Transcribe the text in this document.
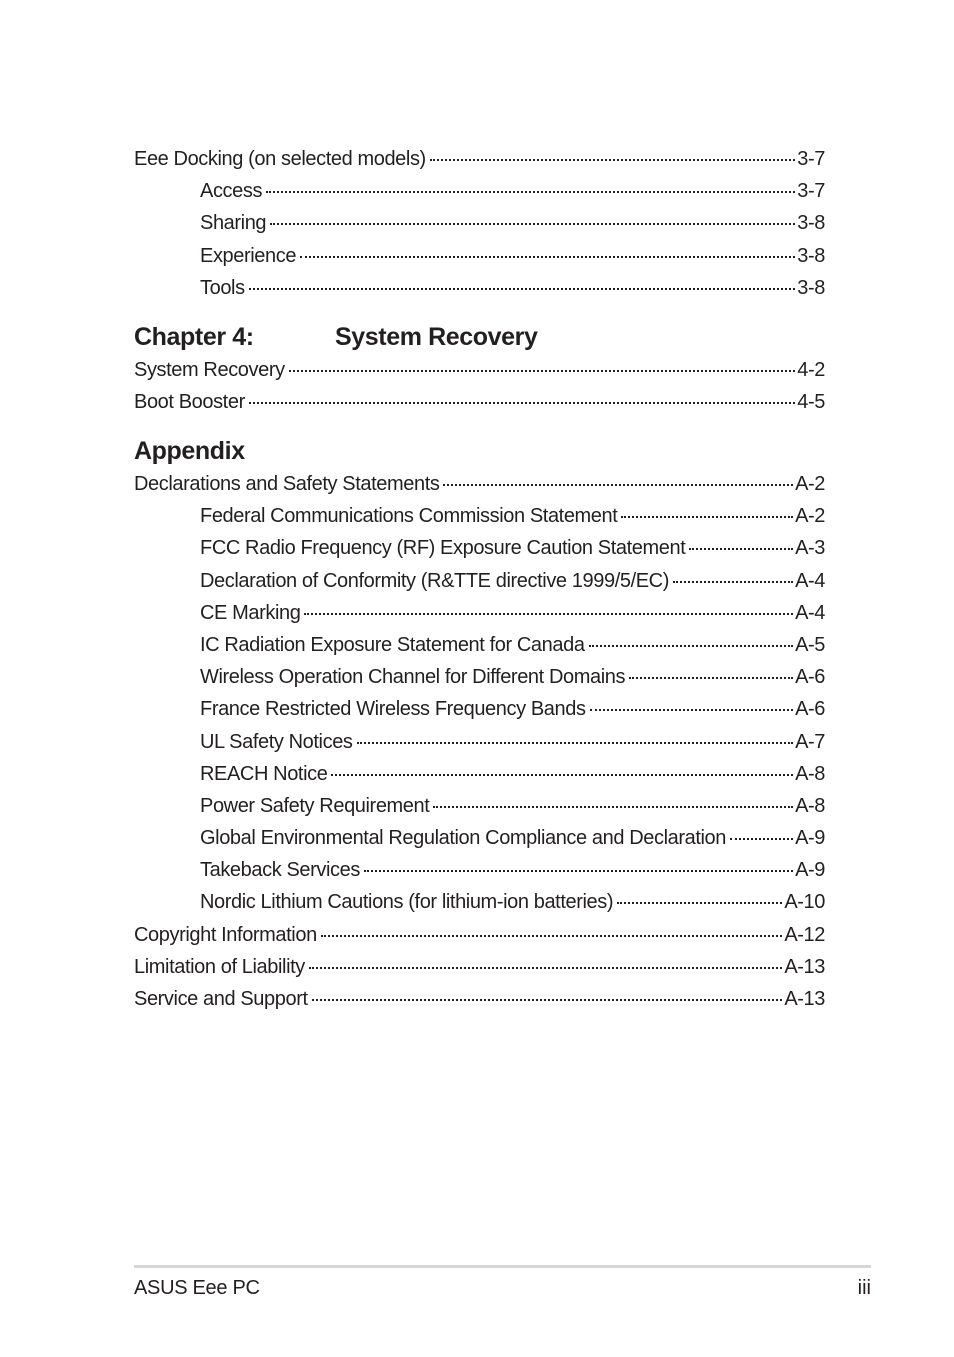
Eee Docking (on selected models)	3-7
Access	3-7
Sharing	3-8
Experience	3-8
Tools	3-8
Chapter 4:	System Recovery
System Recovery	4-2
Boot Booster	4-5
Appendix
Declarations and Safety Statements	A-2
Federal Communications Commission Statement	A-2
FCC Radio Frequency (RF) Exposure Caution Statement	A-3
Declaration of Conformity (R&TTE directive 1999/5/EC)	A-4
CE Marking	A-4
IC Radiation Exposure Statement for Canada	A-5
Wireless Operation Channel for Different Domains	A-6
France Restricted Wireless Frequency Bands	A-6
UL Safety Notices	A-7
REACH Notice	A-8
Power Safety Requirement	A-8
Global Environmental Regulation Compliance and Declaration	A-9
Takeback Services	A-9
Nordic Lithium Cautions (for lithium-ion batteries)	A-10
Copyright Information	A-12
Limitation of Liability	A-13
Service and Support	A-13
ASUS Eee PC	iii
